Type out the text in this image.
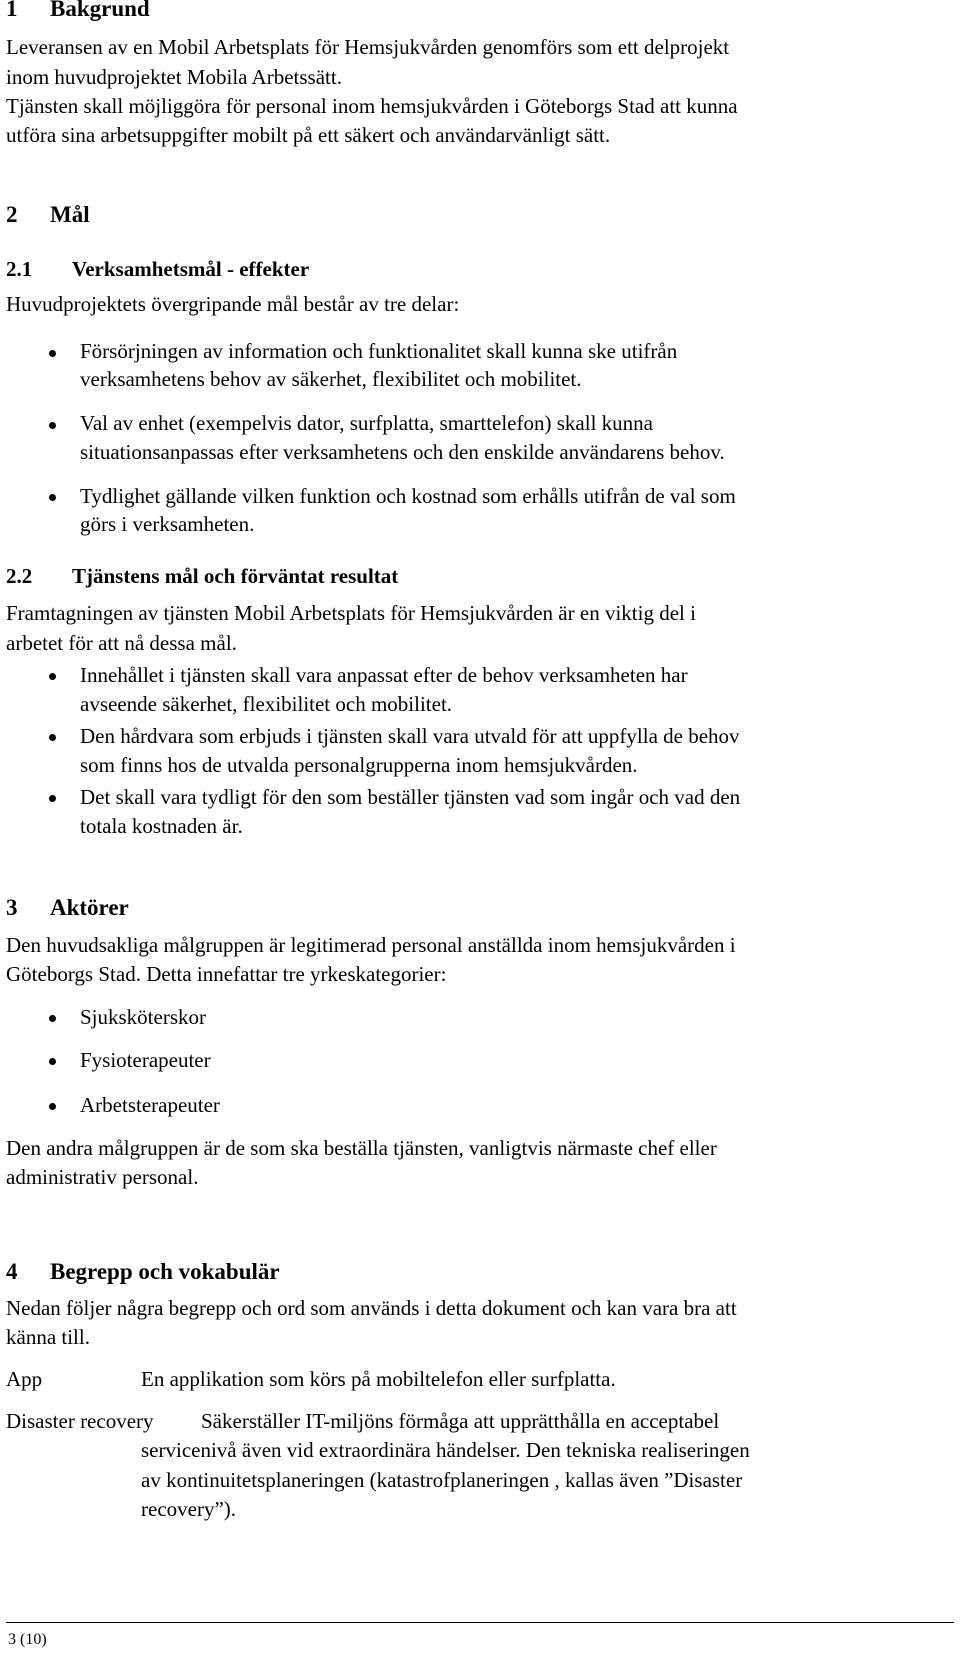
1 Bakgrund
Leveransen av en Mobil Arbetsplats för Hemsjukvården genomförs som ett delprojekt
inom huvudprojektet Mobila Arbetssätt.
Tjänsten skall möjliggöra för personal inom hemsjukvården i Göteborgs Stad att kunna
utföra sina arbetsuppgifter mobilt på ett säkert och användarvänligt sätt.
2 Mål
2.1 Verksamhetsmål - effekter
Huvudprojektets övergripande mål består av tre delar:
Försörjningen av information och funktionalitet skall kunna ske utifrån
verksamhetens behov av säkerhet, flexibilitet och mobilitet.
Val av enhet (exempelvis dator, surfplatta, smarttelefon) skall kunna
situationsanpassas efter verksamhetens och den enskilde användarens behov.
Tydlighet gällande vilken funktion och kostnad som erhålls utifrån de val som
görs i verksamheten.
2.2 Tjänstens mål och förväntat resultat
Framtagningen av tjänsten Mobil Arbetsplats för Hemsjukvården är en viktig del i
arbetet för att nå dessa mål.
Innehållet i tjänsten skall vara anpassat efter de behov verksamheten har
avseende säkerhet, flexibilitet och mobilitet.
Den hårdvara som erbjuds i tjänsten skall vara utvald för att uppfylla de behov
som finns hos de utvalda personalgrupperna inom hemsjukvården.
Det skall vara tydligt för den som beställer tjänsten vad som ingår och vad den
totala kostnaden är.
3 Aktörer
Den huvudsakliga målgruppen är legitimerad personal anställda inom hemsjukvården i
Göteborgs Stad. Detta innefattar tre yrkeskategorier:
Sjuksköterskor
Fysioterapeuter
Arbetsterapeuter
Den andra målgruppen är de som ska beställa tjänsten, vanligtvis närmaste chef eller
administrativ personal.
4 Begrepp och vokabulär
Nedan följer några begrepp och ord som används i detta dokument och kan vara bra att
känna till.
App	En applikation som körs på mobiltelefon eller surfplatta.
Disaster recovery Säkerställer IT-miljöns förmåga att upprätthålla en acceptabel
servicenivå även vid extraordinära händelser. Den tekniska realiseringen
av kontinuitetsplaneringen (katastrofplaneringen , kallas även ”Disaster
recovery”).
3 (10)
